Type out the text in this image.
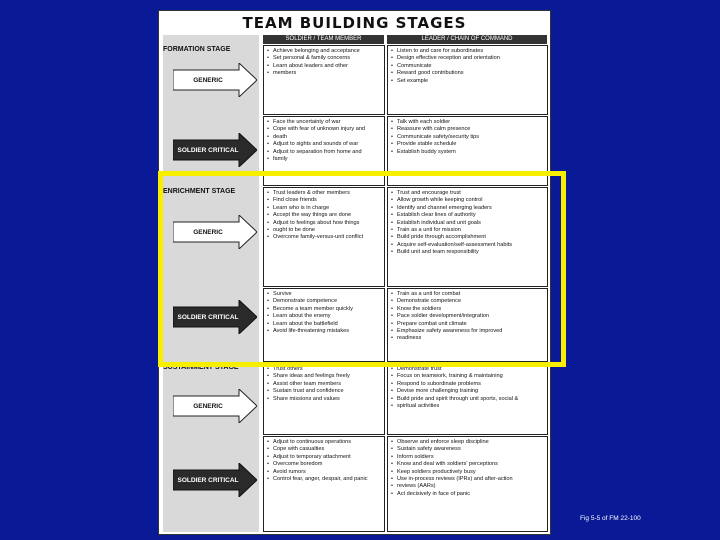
TEAM BUILDING STAGES
SOLDIER / TEAM MEMBER	LEADER / CHAIN OF COMMAND
FORMATION STAGE
GENERIC
• Achieve belonging and acceptance
• Set personal & family concerns
• Learn about leaders and other
• members
• Listen to and care for subordinates
• Design effective reception and orientation
• Communicate
• Reward good contributions
• Set example
SOLDIER CRITICAL
• Face the uncertainty of war
• Cope with fear of unknown injury and
• death
• Adjust to sights and sounds of war
• Adjust to separation from home and
• family
• Talk with each soldier
• Reassure with calm presence
• Communicate safety/security tips
• Provide stable schedule
• Establish buddy system
ENRICHMENT STAGE
GENERIC
• Trust leaders & other members
• Find close friends
• Learn who is in charge
• Accept the way things are done
• Adjust to feelings about how things
• ought to be done
• Overcome family-versus-unit conflict
• Trust and encourage trust
• Allow growth while keeping control
• Identify and channel emerging leaders
• Establish clear lines of authority
• Establish individual and unit goals
• Train as a unit for mission
• Build pride through accomplishment
• Acquire self-evaluation/self-assessment habits
• Build unit and team responsibility
SOLDIER CRITICAL
• Survive
• Demonstrate competence
• Become a team member quickly
• Learn about the enemy
• Learn about the battlefield
• Avoid life-threatening mistakes
• Train as a unit for combat
• Demonstrate competence
• Know the soldiers
• Pace soldier development/integration
• Prepare combat unit climate
• Emphasize safety awareness for improved
• readiness
SUSTAINMENT STAGE
GENERIC
• Trust others
• Share ideas and feelings freely
• Assist other team members
• Sustain trust and confidence
• Share missions and values
• Demonstrate trust
• Focus on teamwork, training & maintaining
• Respond to subordinate problems
• Devise more challenging training
• Build pride and spirit through unit sports, social &
• spiritual activities
SOLDIER CRITICAL
• Adjust to continuous operations
• Cope with casualties
• Adjust to temporary attachment
• Overcome boredom
• Avoid rumors
• Control fear, anger, despair, and panic
• Observe and enforce sleep discipline
• Sustain safety awareness
• Inform soldiers
• Know and deal with soldiers' perceptions
• Keep soldiers productively busy
• Use in-process reviews (IPRs) and after-action
• reviews (AARs)
• Act decisively in face of panic
Fig 5-5 of FM 22-100
